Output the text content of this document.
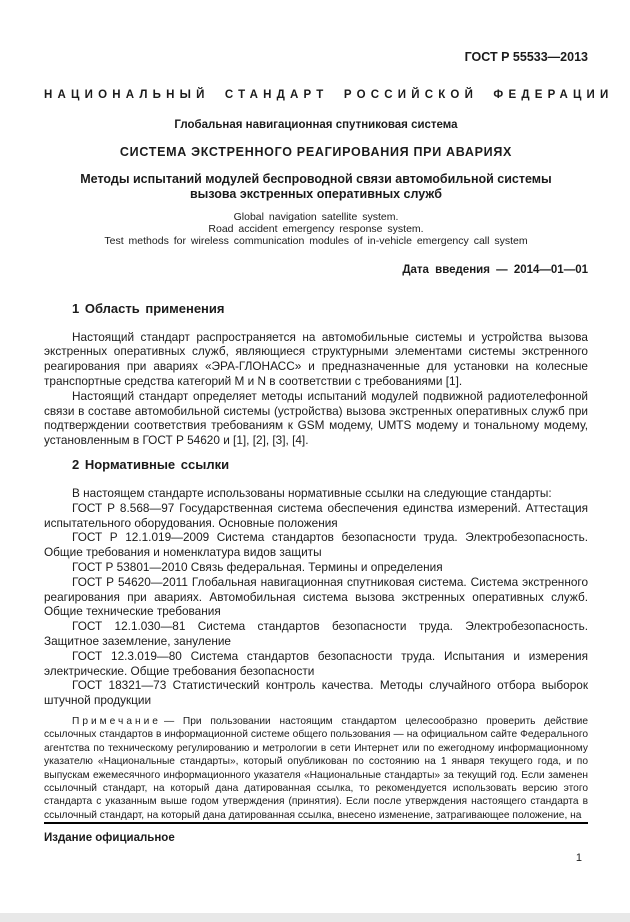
ГОСТ Р 55533—2013
НАЦИОНАЛЬНЫЙ СТАНДАРТ РОССИЙСКОЙ ФЕДЕРАЦИИ
Глобальная навигационная спутниковая система
СИСТЕМА ЭКСТРЕННОГО РЕАГИРОВАНИЯ ПРИ АВАРИЯХ
Методы испытаний модулей беспроводной связи автомобильной системы вызова экстренных оперативных служб
Global navigation satellite system.
Road accident emergency response system.
Test methods for wireless communication modules of in-vehicle emergency call system
Дата введения — 2014—01—01
1 Область применения

Настоящий стандарт распространяется на автомобильные системы и устройства вызова экстренных оперативных служб, являющиеся структурными элементами системы экстренного реагирования при авариях «ЭРА-ГЛОНАСС» и предназначенные для установки на колесные транспортные средства категорий М и N в соответствии с требованиями [1].

Настоящий стандарт определяет методы испытаний модулей подвижной радиотелефонной связи в составе автомобильной системы (устройства) вызова экстренных оперативных служб при подтверждении соответствия требованиям к GSM модему, UMTS модему и тональному модему, установленным в ГОСТ Р 54620 и [1], [2], [3], [4].

2 Нормативные ссылки

В настоящем стандарте использованы нормативные ссылки на следующие стандарты:

ГОСТ Р 8.568—97 Государственная система обеспечения единства измерений. Аттестация испытательного оборудования. Основные положения

ГОСТ Р 12.1.019—2009 Система стандартов безопасности труда. Электробезопасность. Общие требования и номенклатура видов защиты

ГОСТ Р 53801—2010 Связь федеральная. Термины и определения

ГОСТ Р 54620—2011 Глобальная навигационная спутниковая система. Система экстренного реагирования при авариях. Автомобильная система вызова экстренных оперативных служб. Общие технические требования

ГОСТ 12.1.030—81 Система стандартов безопасности труда. Электробезопасность. Защитное заземление, зануление

ГОСТ 12.3.019—80 Система стандартов безопасности труда. Испытания и измерения электрические. Общие требования безопасности

ГОСТ 18321—73 Статистический контроль качества. Методы случайного отбора выборок штучной продукции

Примечание — При пользовании настоящим стандартом целесообразно проверить действие ссылочных стандартов в информационной системе общего пользования — на официальном сайте Федерального агентства по техническому регулированию и метрологии в сети Интернет или по ежегодному информационному указателю «Национальные стандарты», который опубликован по состоянию на 1 января текущего года, и по выпускам ежемесячного информационного указателя «Национальные стандарты» за текущий год. Если заменен ссылочный стандарт, на который дана датированная ссылка, то рекомендуется использовать версию этого стандарта с указанным выше годом утверждения (принятия). Если после утверждения настоящего стандарта в ссылочный стандарт, на который дана датированная ссылка, внесено изменение, затрагивающее положение, на

Издание официальное
1
